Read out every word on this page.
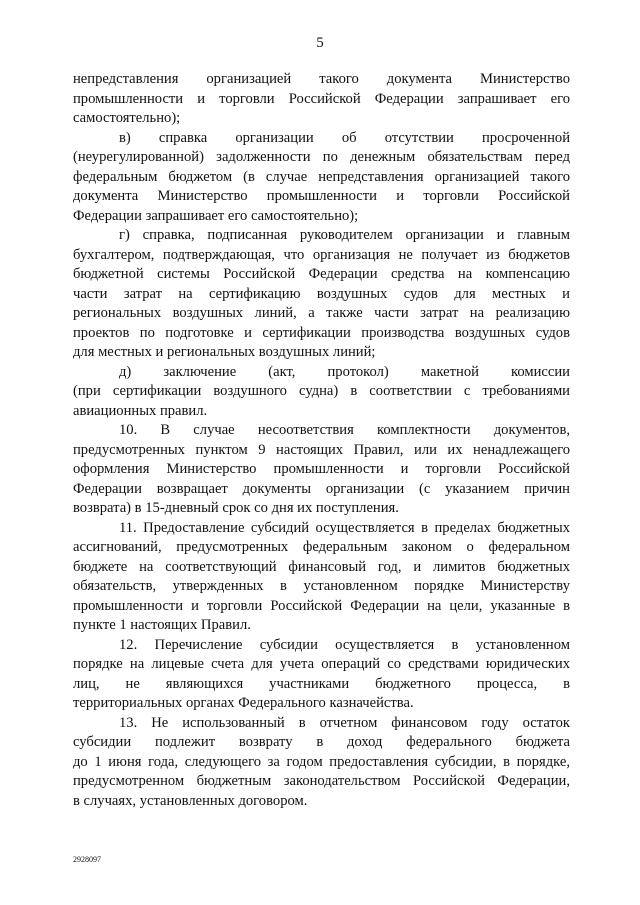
5
непредставления организацией такого документа Министерство
промышленности и торговли Российской Федерации запрашивает его
самостоятельно);
в) справка организации об отсутствии просроченной
(неурегулированной) задолженности по денежным обязательствам перед
федеральным бюджетом (в случае непредставления организацией такого
документа Министерство промышленности и торговли Российской
Федерации запрашивает его самостоятельно);
г) справка, подписанная руководителем организации и главным
бухгалтером, подтверждающая, что организация не получает из бюджетов
бюджетной системы Российской Федерации средства на компенсацию
части затрат на сертификацию воздушных судов для местных и
региональных воздушных линий, а также части затрат на реализацию
проектов по подготовке и сертификации производства воздушных судов
для местных и региональных воздушных линий;
д) заключение (акт, протокол) макетной комиссии
(при сертификации воздушного судна) в соответствии с требованиями
авиационных правил.
10. В случае несоответствия комплектности документов,
предусмотренных пунктом 9 настоящих Правил, или их ненадлежащего
оформления Министерство промышленности и торговли Российской
Федерации возвращает документы организации (с указанием причин
возврата) в 15-дневный срок со дня их поступления.
11. Предоставление субсидий осуществляется в пределах бюджетных
ассигнований, предусмотренных федеральным законом о федеральном
бюджете на соответствующий финансовый год, и лимитов бюджетных
обязательств, утвержденных в установленном порядке Министерству
промышленности и торговли Российской Федерации на цели, указанные в
пункте 1 настоящих Правил.
12. Перечисление субсидии осуществляется в установленном
порядке на лицевые счета для учета операций со средствами юридических
лиц, не являющихся участниками бюджетного процесса, в
территориальных органах Федерального казначейства.
13. Не использованный в отчетном финансовом году остаток
субсидии подлежит возврату в доход федерального бюджета
до 1 июня года, следующего за годом предоставления субсидии, в порядке,
предусмотренном бюджетным законодательством Российской Федерации,
в случаях, установленных договором.
2928097
